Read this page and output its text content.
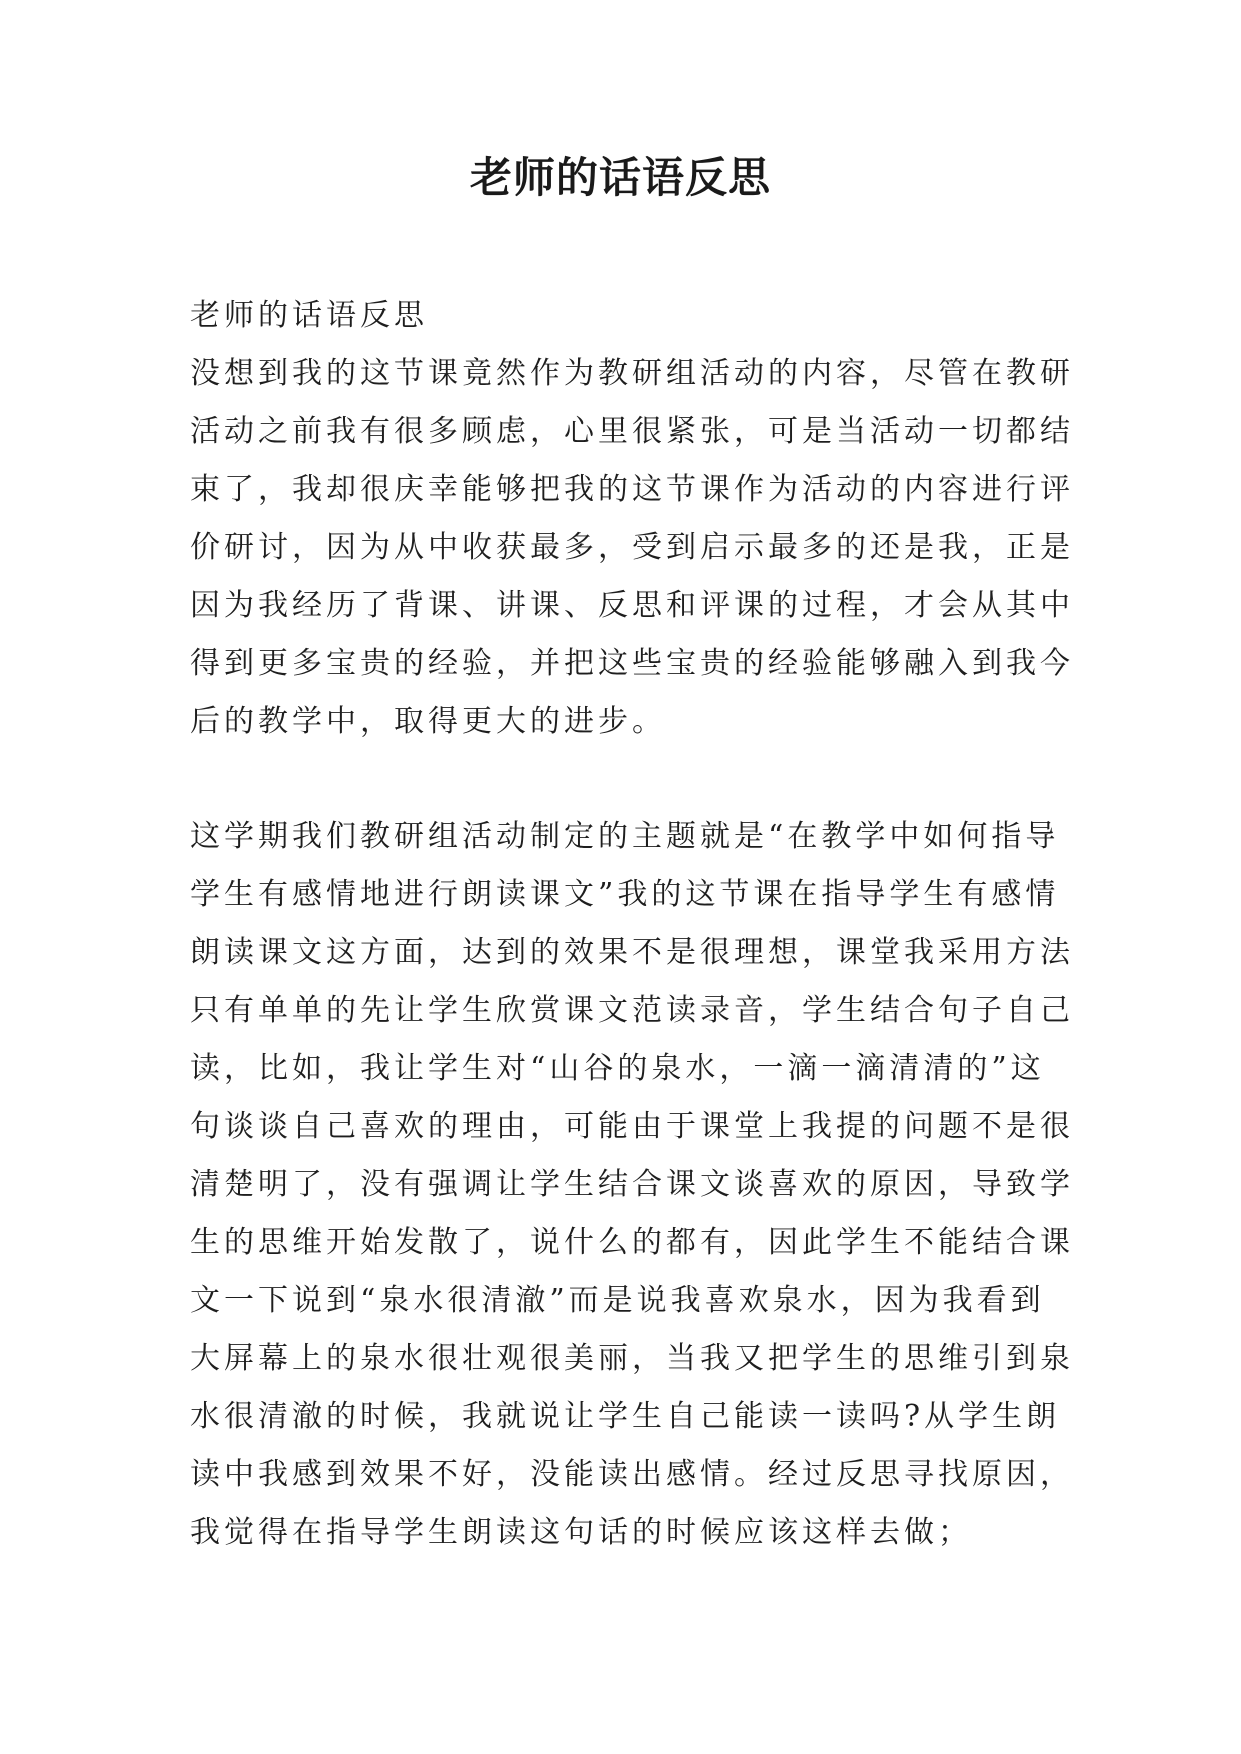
老师的话语反思
老师的话语反思
没想到我的这节课竟然作为教研组活动的内容，尽管在教研
活动之前我有很多顾虑，心里很紧张，可是当活动一切都结
束了，我却很庆幸能够把我的这节课作为活动的内容进行评
价研讨，因为从中收获最多，受到启示最多的还是我，正是
因为我经历了背课、讲课、反思和评课的过程，才会从其中
得到更多宝贵的经验，并把这些宝贵的经验能够融入到我今
后的教学中，取得更大的进步。
这学期我们教研组活动制定的主题就是“在教学中如何指导
学生有感情地进行朗读课文”我的这节课在指导学生有感情
朗读课文这方面，达到的效果不是很理想，课堂我采用方法
只有单单的先让学生欣赏课文范读录音，学生结合句子自己
读，比如，我让学生对“山谷的泉水，一滴一滴清清的”这
句谈谈自己喜欢的理由，可能由于课堂上我提的问题不是很
清楚明了，没有强调让学生结合课文谈喜欢的原因，导致学
生的思维开始发散了，说什么的都有，因此学生不能结合课
文一下说到“泉水很清澈”而是说我喜欢泉水，因为我看到
大屏幕上的泉水很壮观很美丽，当我又把学生的思维引到泉
水很清澈的时候，我就说让学生自己能读一读吗?从学生朗
读中我感到效果不好，没能读出感情。经过反思寻找原因，
我觉得在指导学生朗读这句话的时候应该这样去做；
